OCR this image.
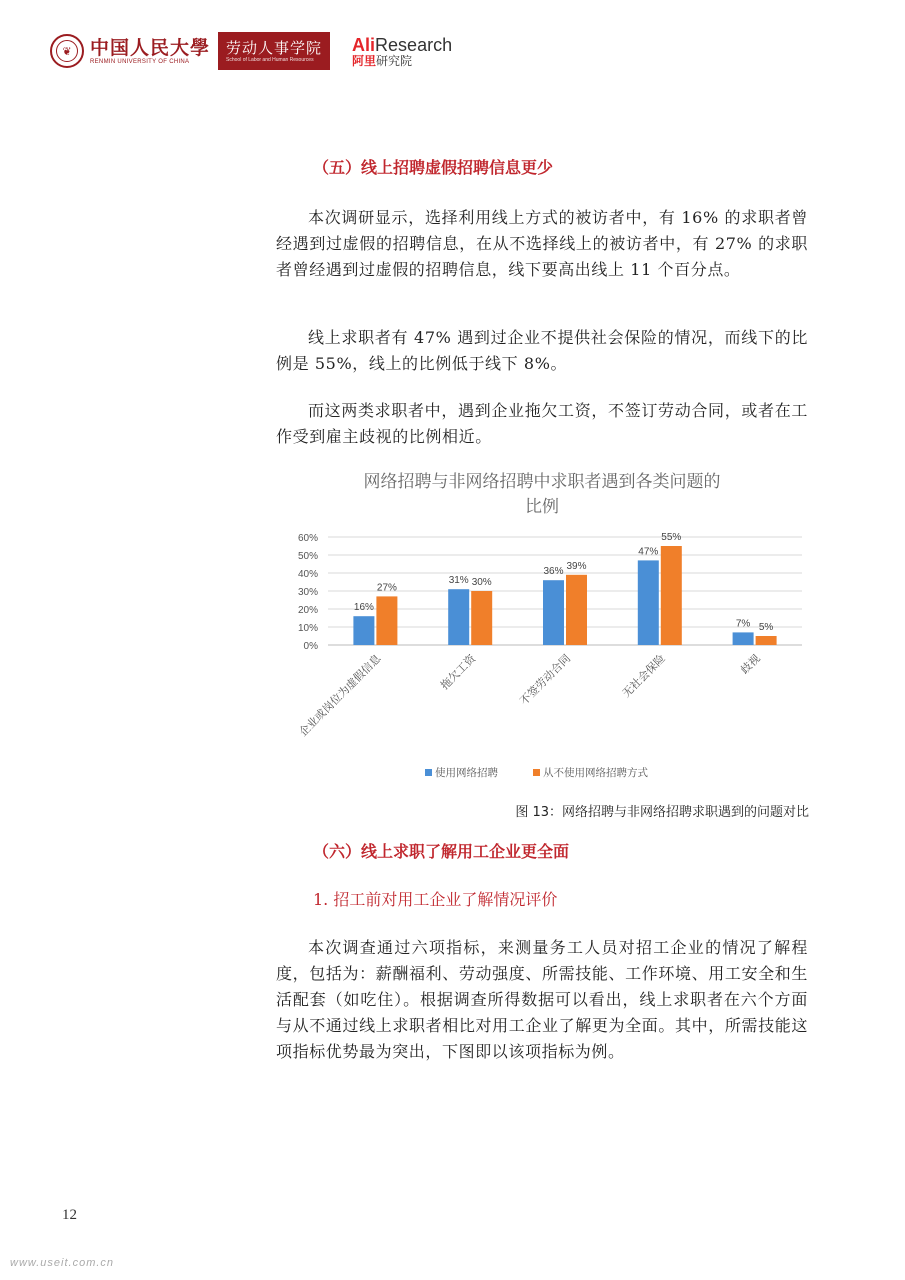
❦ 中国人民大學
RENMIN UNIVERSITY OF CHINA
劳动人事学院
School of Labor and Human Resources
AliResearch
阿里研究院
（五）线上招聘虚假招聘信息更少
本次调研显示，选择利用线上方式的被访者中，有 16% 的求职者曾经遇到过虚假的招聘信息，在从不选择线上的被访者中，有 27% 的求职者曾经遇到过虚假的招聘信息，线下要高出线上 11 个百分点。
线上求职者有 47% 遇到过企业不提供社会保险的情况，而线下的比例是 55%，线上的比例低于线下 8%。
而这两类求职者中，遇到企业拖欠工资，不签订劳动合同，或者在工作受到雇主歧视的比例相近。
网络招聘与非网络招聘中求职者遇到各类问题的
比例
0%
10%
20%
30%
40%
50%
60%
16%
27%
企业或岗位为虚假信息
31% 30%
拖欠工资
36% 39%
不签劳动合同
47%
55%
无社会保险
7% 5%
歧视
使用网络招聘	从不使用网络招聘方式
图 13：网络招聘与非网络招聘求职遇到的问题对比
（六）线上求职了解用工企业更全面
1. 招工前对用工企业了解情况评价
本次调查通过六项指标，来测量务工人员对招工企业的情况了解程度，包括为：薪酬福利、劳动强度、所需技能、工作环境、用工安全和生活配套（如吃住）。根据调查所得数据可以看出，线上求职者在六个方面与从不通过线上求职者相比对用工企业了解更为全面。其中，所需技能这项指标优势最为突出，下图即以该项指标为例。
12
www.useit.com.cn
